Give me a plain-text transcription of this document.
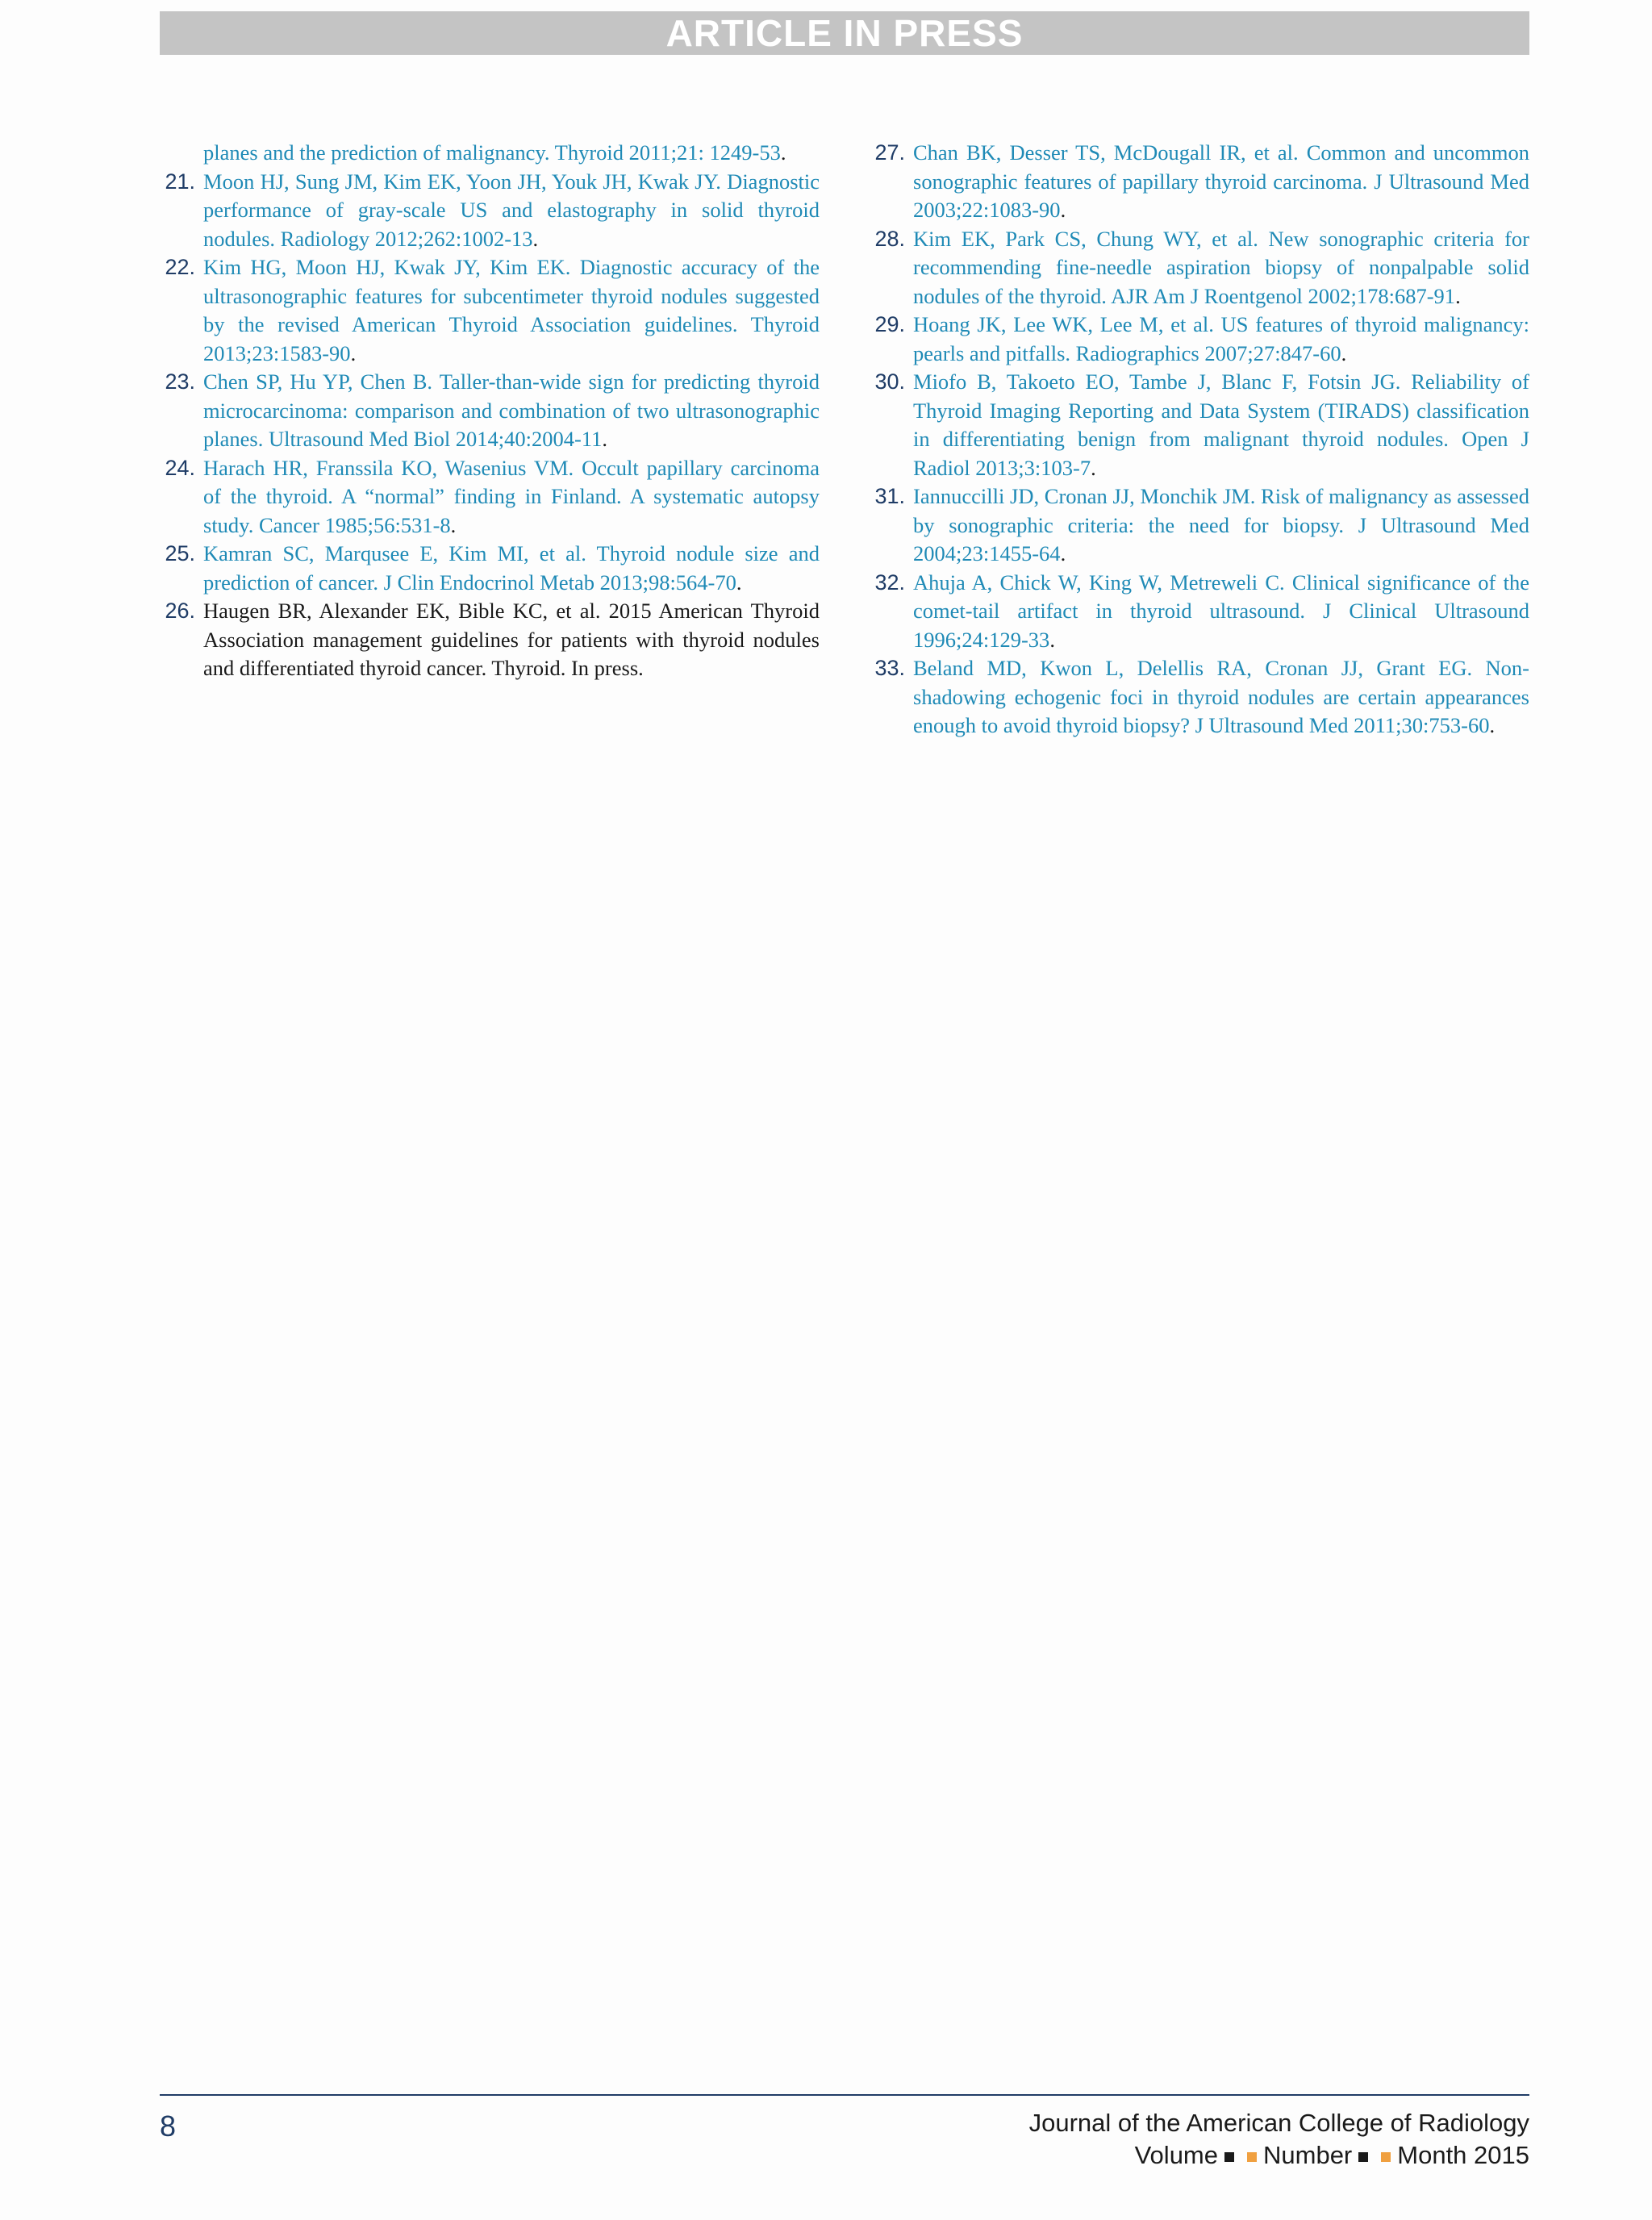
ARTICLE IN PRESS
planes and the prediction of malignancy. Thyroid 2011;21: 1249-53.
21. Moon HJ, Sung JM, Kim EK, Yoon JH, Youk JH, Kwak JY. Diagnostic performance of gray-scale US and elastography in solid thyroid nodules. Radiology 2012;262:1002-13.
22. Kim HG, Moon HJ, Kwak JY, Kim EK. Diagnostic accuracy of the ultrasonographic features for subcentimeter thyroid nodules suggested by the revised American Thyroid Association guidelines. Thyroid 2013;23:1583-90.
23. Chen SP, Hu YP, Chen B. Taller-than-wide sign for predicting thyroid microcarcinoma: comparison and combination of two ultrasonographic planes. Ultrasound Med Biol 2014;40:2004-11.
24. Harach HR, Franssila KO, Wasenius VM. Occult papillary carcinoma of the thyroid. A “normal” finding in Finland. A systematic autopsy study. Cancer 1985;56:531-8.
25. Kamran SC, Marqusee E, Kim MI, et al. Thyroid nodule size and prediction of cancer. J Clin Endocrinol Metab 2013;98:564-70.
26. Haugen BR, Alexander EK, Bible KC, et al. 2015 American Thyroid Association management guidelines for patients with thyroid nodules and differentiated thyroid cancer. Thyroid. In press.
27. Chan BK, Desser TS, McDougall IR, et al. Common and uncommon sonographic features of papillary thyroid carcinoma. J Ultrasound Med 2003;22:1083-90.
28. Kim EK, Park CS, Chung WY, et al. New sonographic criteria for recommending fine-needle aspiration biopsy of nonpalpable solid nodules of the thyroid. AJR Am J Roentgenol 2002;178:687-91.
29. Hoang JK, Lee WK, Lee M, et al. US features of thyroid malignancy: pearls and pitfalls. Radiographics 2007;27:847-60.
30. Miofo B, Takoeto EO, Tambe J, Blanc F, Fotsin JG. Reliability of Thyroid Imaging Reporting and Data System (TIRADS) classification in differentiating benign from malignant thyroid nodules. Open J Radiol 2013;3:103-7.
31. Iannuccilli JD, Cronan JJ, Monchik JM. Risk of malignancy as assessed by sonographic criteria: the need for biopsy. J Ultrasound Med 2004;23:1455-64.
32. Ahuja A, Chick W, King W, Metreweli C. Clinical significance of the comet-tail artifact in thyroid ultrasound. J Clinical Ultrasound 1996;24:129-33.
33. Beland MD, Kwon L, Delellis RA, Cronan JJ, Grant EG. Non-shadowing echogenic foci in thyroid nodules are certain appearances enough to avoid thyroid biopsy? J Ultrasound Med 2011;30:753-60.
8	Journal of the American College of Radiology
Volume Number Month 2015
